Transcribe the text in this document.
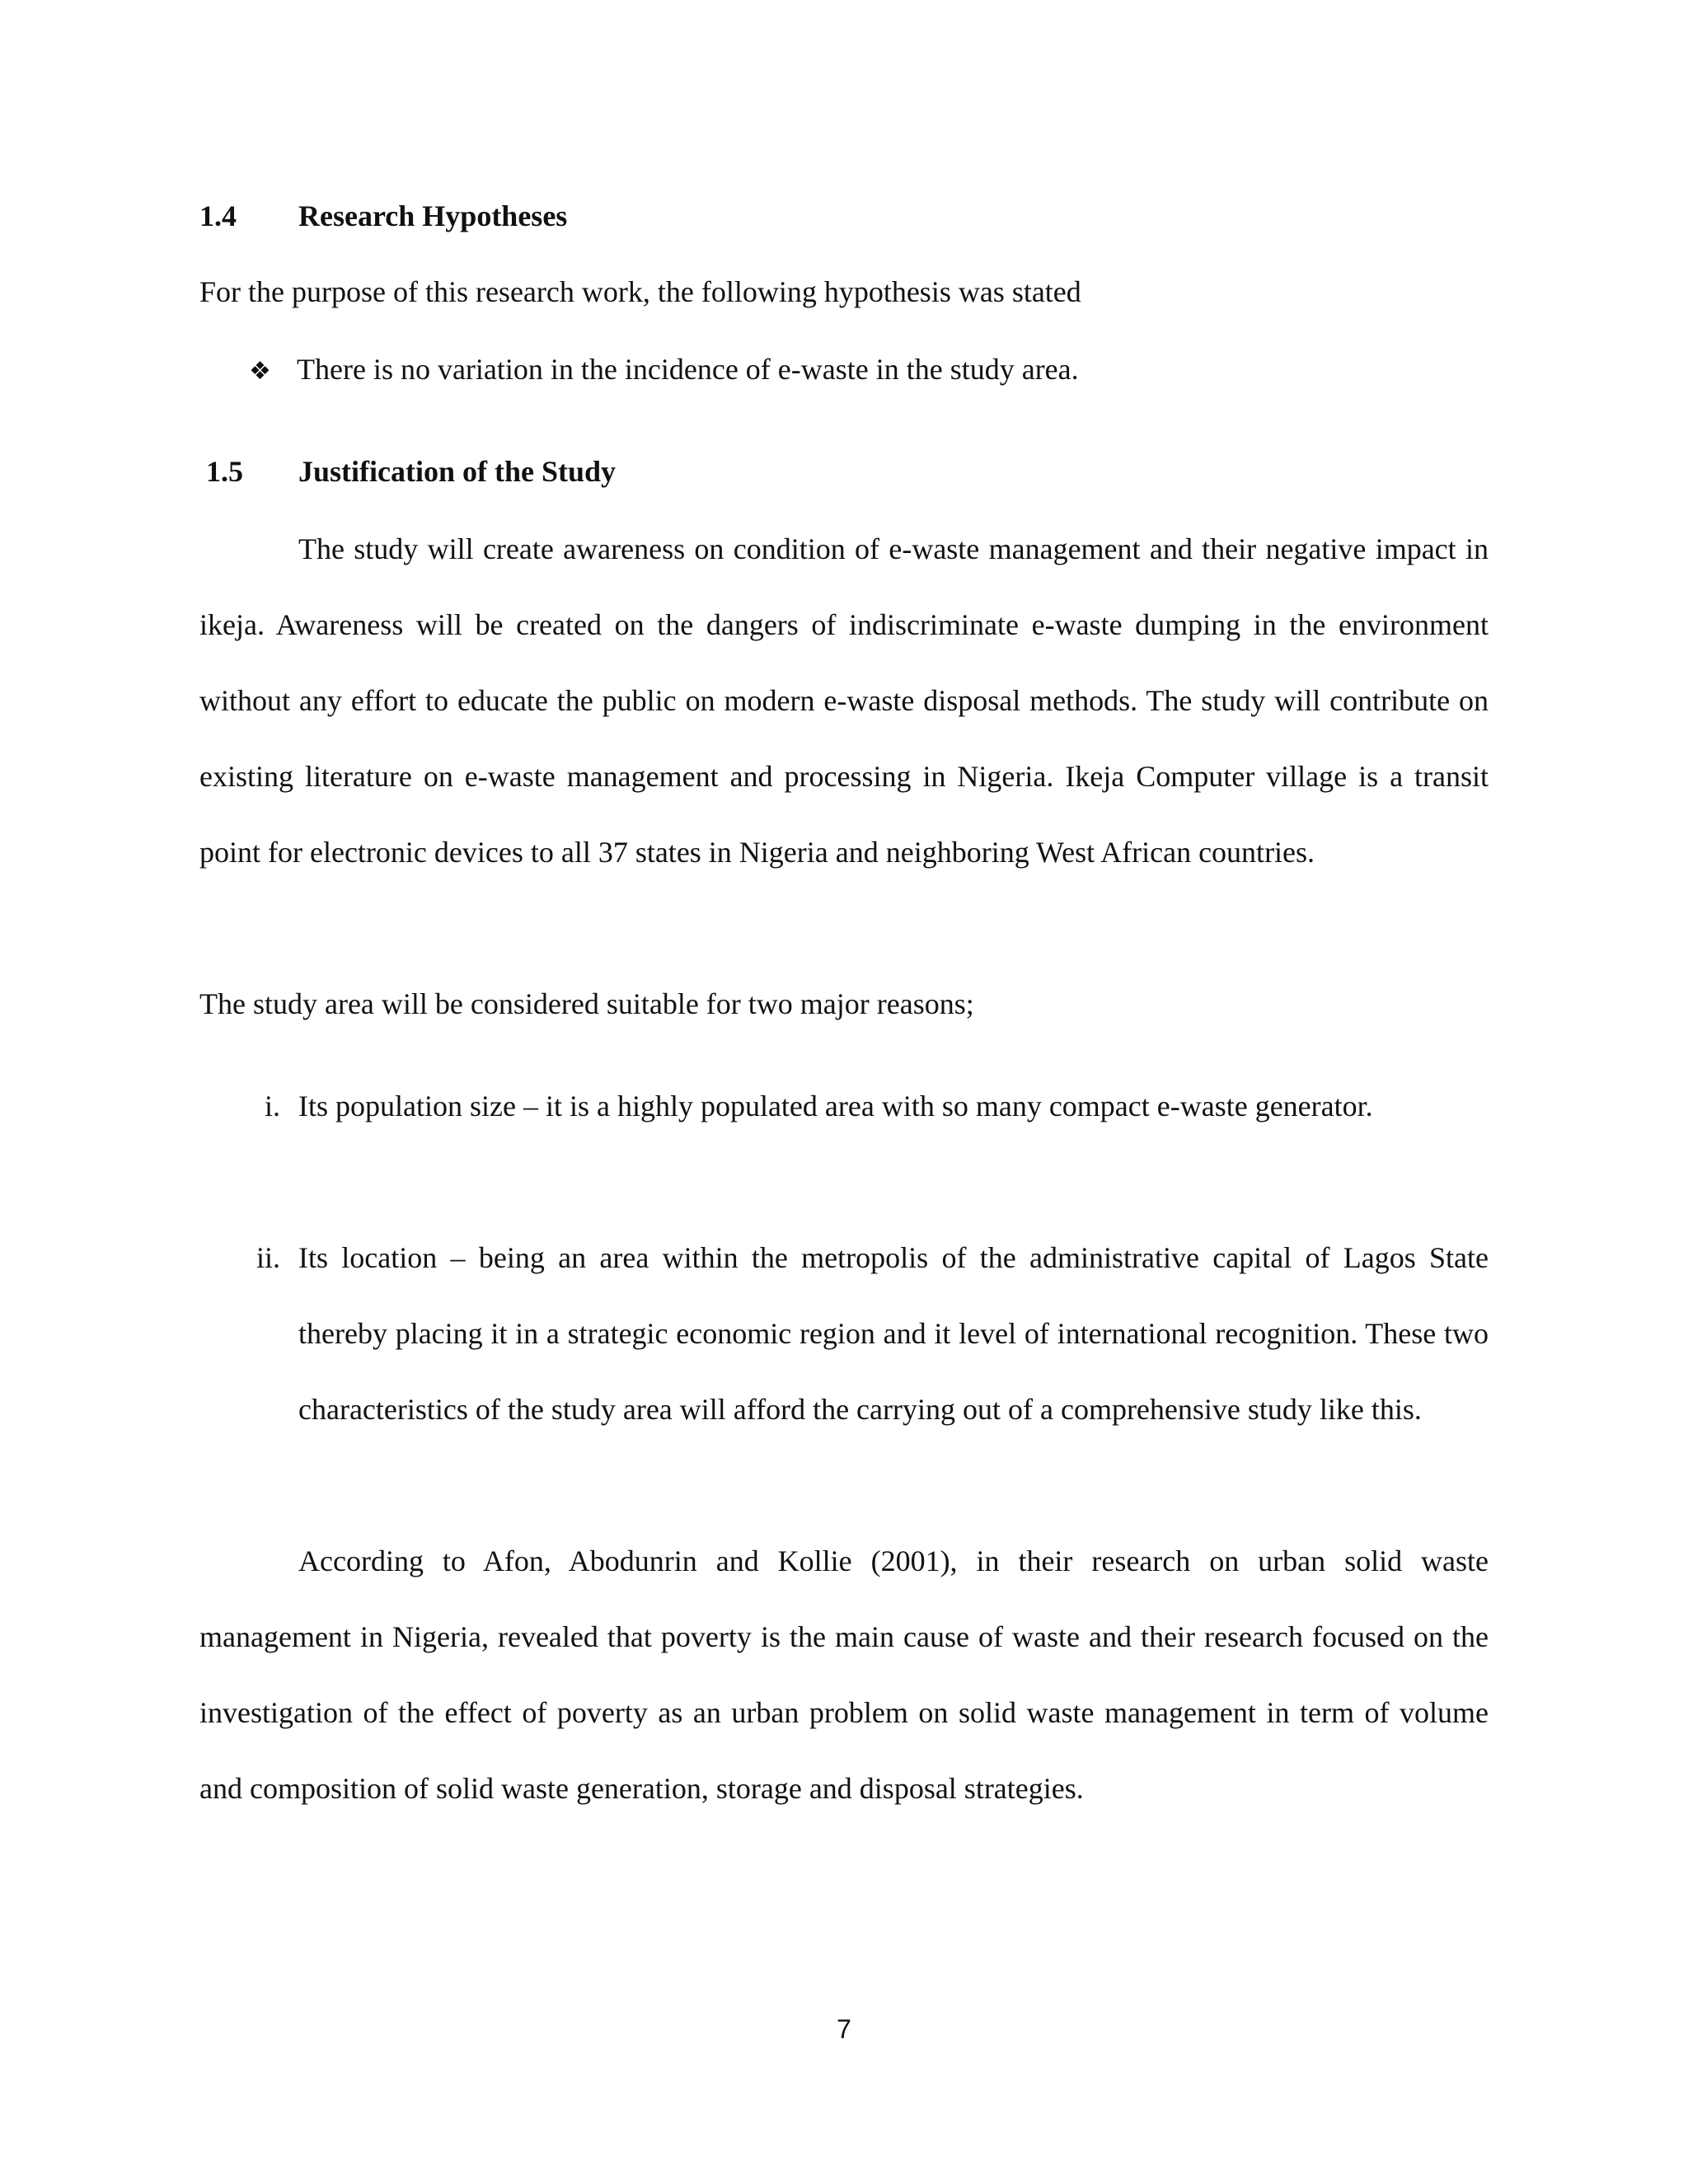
1.4 Research Hypotheses
For the purpose of this research work, the following hypothesis was stated
❖ There is no variation in the incidence of e-waste in the study area.
1.5 Justification of the Study
The study will create awareness on condition of e-waste management and their negative impact in ikeja. Awareness will be created on the dangers of indiscriminate e-waste dumping in the environment without any effort to educate the public on modern e-waste disposal methods. The study will contribute on existing literature on e-waste management and processing in Nigeria. Ikeja Computer village is a transit point for electronic devices to all 37 states in Nigeria and neighboring West African countries.
The study area will be considered suitable for two major reasons;
i. Its population size – it is a highly populated area with so many compact e-waste generator.
ii. Its location – being an area within the metropolis of the administrative capital of Lagos State thereby placing it in a strategic economic region and it level of international recognition. These two characteristics of the study area will afford the carrying out of a comprehensive study like this.
According to Afon, Abodunrin and Kollie (2001), in their research on urban solid waste management in Nigeria, revealed that poverty is the main cause of waste and their research focused on the investigation of the effect of poverty as an urban problem on solid waste management in term of volume and composition of solid waste generation, storage and disposal strategies.
7
